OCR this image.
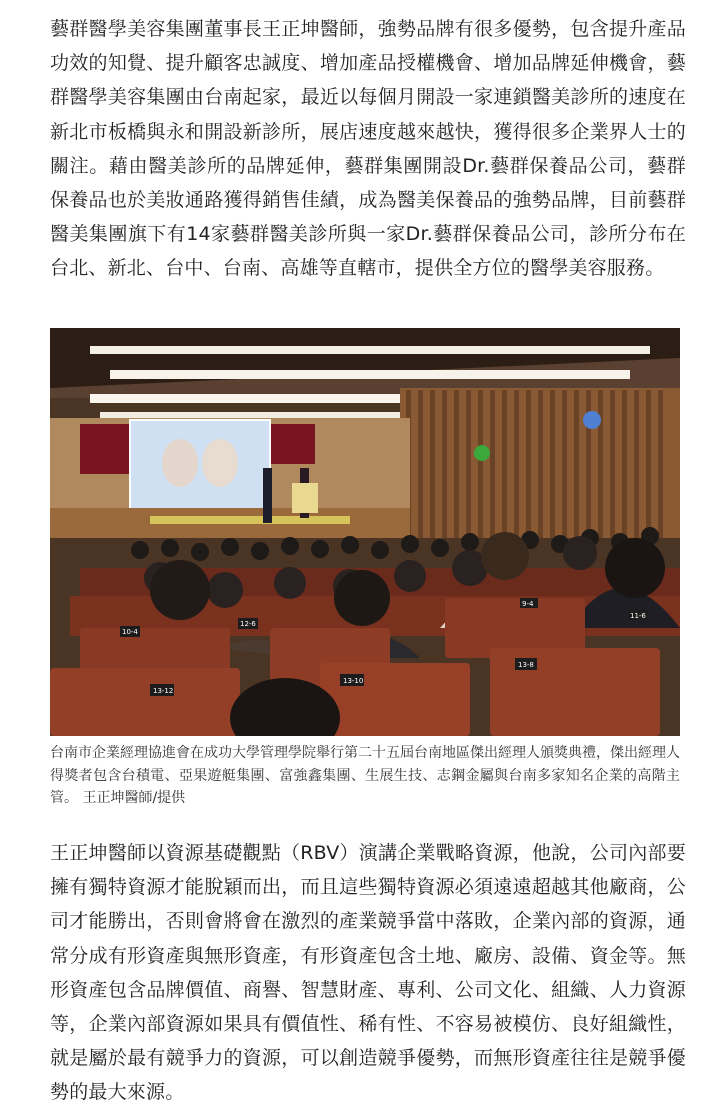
藝群醫學美容集團董事長王正坤醫師，強勢品牌有很多優勢，包含提升產品功效的知覺、提升顧客忠誠度、增加產品授權機會、增加品牌延伸機會，藝群醫學美容集團由台南起家，最近以每個月開設一家連鎖醫美診所的速度在新北市板橋與永和開設新診所，展店速度越來越快，獲得很多企業界人士的關注。藉由醫美診所的品牌延伸，藝群集團開設Dr.藝群保養品公司，藝群保養品也於美妝通路獲得銷售佳績，成為醫美保養品的強勢品牌，目前藝群醫美集團旗下有14家藝群醫美診所與一家Dr.藝群保養品公司，診所分布在台北、新北、台中、台南、高雄等直轄市，提供全方位的醫學美容服務。

13-12
13-10
13-8
12-6
10-4
9-4
11-6

台南市企業經理協進會在成功大學管理學院舉行第二十五屆台南地區傑出經理人頒獎典禮，傑出經理人得獎者包含台積電、亞果遊艇集團、富強鑫集團、生展生技、志鋼金屬與台南多家知名企業的高階主管。 王正坤醫師/提供

王正坤醫師以資源基礎觀點（RBV）演講企業戰略資源，他說，公司內部要擁有獨特資源才能脫穎而出，而且這些獨特資源必須遠遠超越其他廠商，公司才能勝出，否則會將會在激烈的產業競爭當中落敗，企業內部的資源，通常分成有形資產與無形資產，有形資產包含土地、廠房、設備、資金等。無形資產包含品牌價值、商譽、智慧財產、專利、公司文化、組織、人力資源等，企業內部資源如果具有價值性、稀有性、不容易被模仿、良好組織性，就是屬於最有競爭力的資源，可以創造競爭優勢，而無形資產往往是競爭優勢的最大來源。
